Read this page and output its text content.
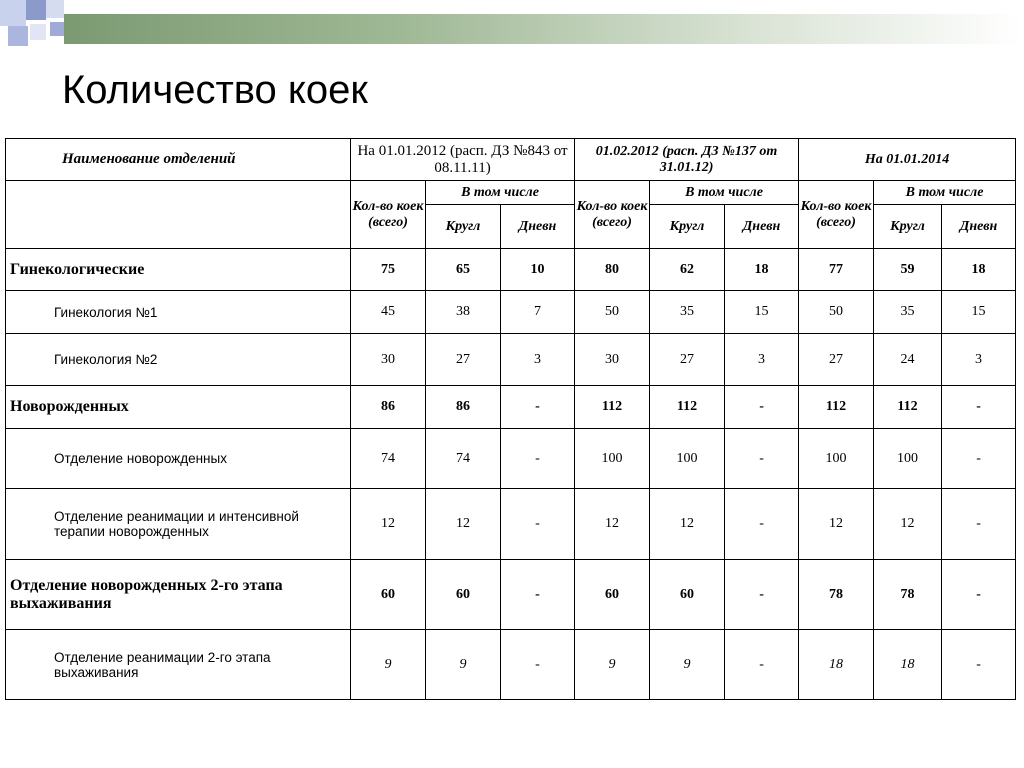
Количество коек
Наименование отделений	На 01.01.2012 (расп. ДЗ №843 от 08.11.11)			01.02.2012 (расп. ДЗ №137 от 31.01.12)			На 01.01.2014		
	Кол-во коек (всего)	В том числе		Кол-во коек (всего)	В том числе		Кол-во коек (всего)	В том числе	
		Кругл	Дневн		Кругл	Дневн		Кругл	Дневн
Гинекологические	75	65	10	80	62	18	77	59	18
Гинекология №1	45	38	7	50	35	15	50	35	15
Гинекология №2	30	27	3	30	27	3	27	24	3
Новорожденных	86	86	-	112	112	-	112	112	-
Отделение новорожденных	74	74	-	100	100	-	100	100	-
Отделение реанимации и интенсивной терапии новорожденных	12	12	-	12	12	-	12	12	-
Отделение новорожденных 2-го этапа выхаживания	60	60	-	60	60	-	78	78	-
Отделение реанимации 2-го этапа выхаживания	9	9	-	9	9	-	18	18	-
